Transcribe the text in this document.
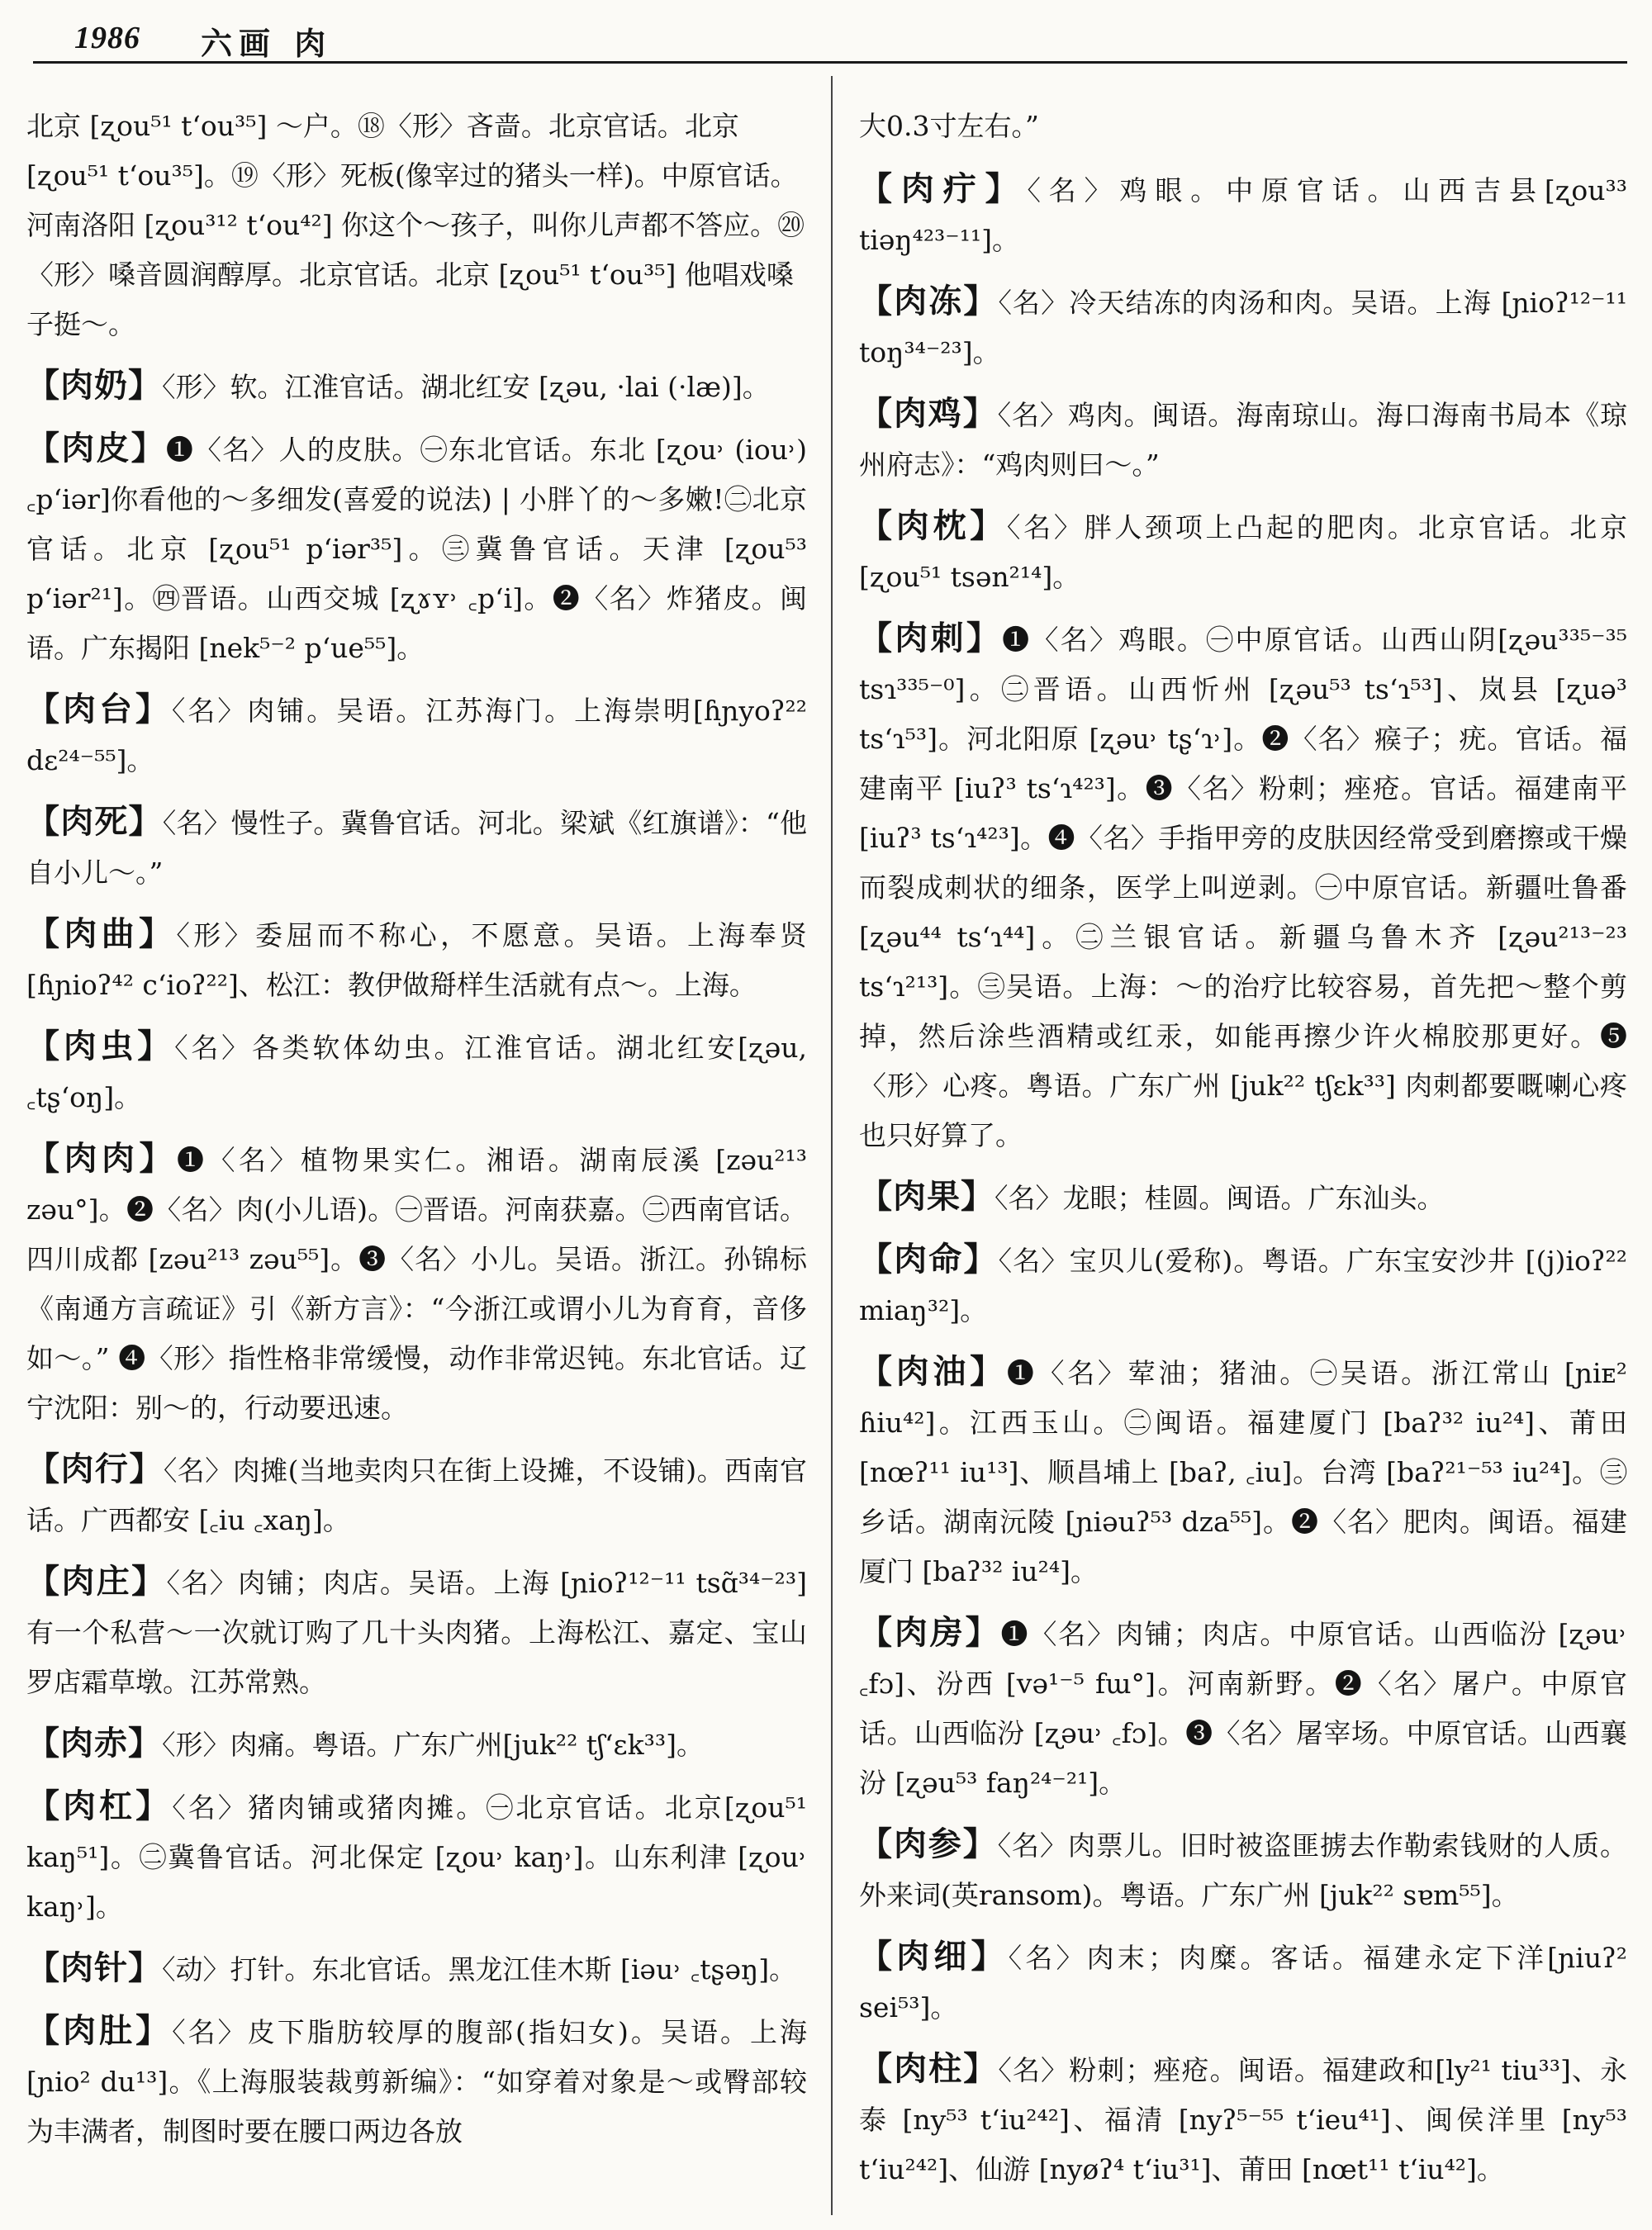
1986 六画 肉

北京 [ʐou⁵¹ t‘ou³⁵] ～户。⑱〈形〉吝啬。北京官话。北京 [ʐou⁵¹ t‘ou³⁵]。⑲〈形〉死板(像宰过的猪头一样)。中原官话。河南洛阳 [ʐou³¹² t‘ou⁴²] 你这个～孩子，叫你儿声都不答应。⑳〈形〉嗓音圆润醇厚。北京官话。北京 [ʐou⁵¹ t‘ou³⁵] 他唱戏嗓子挺～。

【肉奶】〈形〉软。江淮官话。湖北红安 [ʐəu, ·lai (·læ)]。
【肉皮】❶〈名〉人的皮肤。㊀东北官话。东北 [ʐou˒ (iou˒) ꜀p‘iər]你看他的～多细发(喜爱的说法) | 小胖丫的～多嫩!㊁北京官话。北京 [ʐou⁵¹ p‘iər³⁵]。㊂冀鲁官话。天津 [ʐou⁵³ p‘iər²¹]。㊃晋语。山西交城 [ʐɤʏ˒ ꜀p‘i]。❷〈名〉炸猪皮。闽语。广东揭阳 [nek⁵⁻² p‘ue⁵⁵]。
【肉台】〈名〉肉铺。吴语。江苏海门。上海崇明[ɦɲyoʔ²² dɛ²⁴⁻⁵⁵]。
【肉死】〈名〉慢性子。冀鲁官话。河北。梁斌《红旗谱》：“他自小儿～。”
【肉曲】〈形〉委屈而不称心，不愿意。吴语。上海奉贤 [ɦɲioʔ⁴² c‘ioʔ²²]、松江：教伊做搿样生活就有点～。上海。
【肉虫】〈名〉各类软体幼虫。江淮官话。湖北红安[ʐəu, ꜀tʂ‘oŋ]。
【肉肉】❶〈名〉植物果实仁。湘语。湖南辰溪 [zəu²¹³ zəu°]。❷〈名〉肉(小儿语)。㊀晋语。河南获嘉。㊁西南官话。四川成都 [zəu²¹³ zəu⁵⁵]。❸〈名〉小儿。吴语。浙江。孙锦标《南通方言疏证》引《新方言》：“今浙江或谓小儿为育育，音侈如～。” ❹〈形〉指性格非常缓慢，动作非常迟钝。东北官话。辽宁沈阳：别～的，行动要迅速。
【肉行】〈名〉肉摊(当地卖肉只在街上设摊，不设铺)。西南官话。广西都安 [꜀iu ꜀xaŋ]。
【肉庄】〈名〉肉铺；肉店。吴语。上海 [ɲioʔ¹²⁻¹¹ tsɑ̃³⁴⁻²³] 有一个私营～一次就订购了几十头肉猪。上海松江、嘉定、宝山罗店霜草墩。江苏常熟。
【肉赤】〈形〉肉痛。粤语。广东广州[juk²² tʃ‘ɛk³³]。
【肉杠】〈名〉猪肉铺或猪肉摊。㊀北京官话。北京[ʐou⁵¹ kaŋ⁵¹]。㊁冀鲁官话。河北保定 [ʐou˒ kaŋ˒]。山东利津 [ʐou˒ kaŋ˒]。
【肉针】〈动〉打针。东北官话。黑龙江佳木斯 [iəu˒ ꜀tʂəŋ]。
【肉肚】〈名〉皮下脂肪较厚的腹部(指妇女)。吴语。上海 [ɲio² du¹³]。《上海服装裁剪新编》：“如穿着对象是～或臀部较为丰满者，制图时要在腰口两边各放

大0.3寸左右。”

【肉疔】〈名〉鸡眼。中原官话。山西吉县[ʐou³³ tiəŋ⁴²³⁻¹¹]。
【肉冻】〈名〉冷天结冻的肉汤和肉。吴语。上海 [ɲioʔ¹²⁻¹¹ toŋ³⁴⁻²³]。
【肉鸡】〈名〉鸡肉。闽语。海南琼山。海口海南书局本《琼州府志》：“鸡肉则曰～。”
【肉枕】〈名〉胖人颈项上凸起的肥肉。北京官话。北京 [ʐou⁵¹ tsən²¹⁴]。
【肉刺】❶〈名〉鸡眼。㊀中原官话。山西山阴[ʐəu³³⁵⁻³⁵ tsɿ³³⁵⁻⁰]。㊁晋语。山西忻州 [ʐəu⁵³ ts‘ɿ⁵³]、岚县 [ʐuə³ ts‘ɿ⁵³]。河北阳原 [ʐəu˒ tʂ‘ɿ˒]。❷〈名〉瘊子；疣。官话。福建南平 [iuʔ³ ts‘ɿ⁴²³]。❸〈名〉粉刺；痤疮。官话。福建南平 [iuʔ³ ts‘ɿ⁴²³]。❹〈名〉手指甲旁的皮肤因经常受到磨擦或干燥而裂成刺状的细条，医学上叫逆剥。㊀中原官话。新疆吐鲁番 [ʐəu⁴⁴ ts‘ɿ⁴⁴]。㊁兰银官话。新疆乌鲁木齐 [ʐəu²¹³⁻²³ ts‘ɿ²¹³]。㊂吴语。上海：～的治疗比较容易，首先把～整个剪掉，然后涂些酒精或红汞，如能再擦少许火棉胶那更好。❺〈形〉心疼。粤语。广东广州 [juk²² tʃɛk³³] 肉刺都要嘅喇心疼也只好算了。
【肉果】〈名〉龙眼；桂圆。闽语。广东汕头。
【肉命】〈名〉宝贝儿(爱称)。粤语。广东宝安沙井 [(j)ioʔ²² miaŋ³²]。
【肉油】❶〈名〉荤油；猪油。㊀吴语。浙江常山 [ɲiᴇ² ɦiu⁴²]。江西玉山。㊁闽语。福建厦门 [baʔ³² iu²⁴]、莆田 [nœʔ¹¹ iu¹³]、顺昌埔上 [baʔ, ꜀iu]。台湾 [baʔ²¹⁻⁵³ iu²⁴]。㊂乡话。湖南沅陵 [ɲiəuʔ⁵³ dza⁵⁵]。❷〈名〉肥肉。闽语。福建厦门 [baʔ³² iu²⁴]。
【肉房】❶〈名〉肉铺；肉店。中原官话。山西临汾 [ʐəu˒ ꜀fɔ]、汾西 [və¹⁻⁵ fɯ°]。河南新野。❷〈名〉屠户。中原官话。山西临汾 [ʐəu˒ ꜀fɔ]。❸〈名〉屠宰场。中原官话。山西襄汾 [ʐəu⁵³ faŋ²⁴⁻²¹]。
【肉参】〈名〉肉票儿。旧时被盗匪掳去作勒索钱财的人质。外来词(英ransom)。粤语。广东广州 [juk²² sɐm⁵⁵]。
【肉细】〈名〉肉末；肉糜。客话。福建永定下洋[ɲiuʔ² sei⁵³]。
【肉柱】〈名〉粉刺；痤疮。闽语。福建政和[ly²¹ tiu³³]、永泰 [ny⁵³ t‘iu²⁴²]、福清 [nyʔ⁵⁻⁵⁵ t‘ieu⁴¹]、闽侯洋里 [ny⁵³ t‘iu²⁴²]、仙游 [nyøʔ⁴ t‘iu³¹]、莆田 [nœt¹¹ t‘iu⁴²]。
